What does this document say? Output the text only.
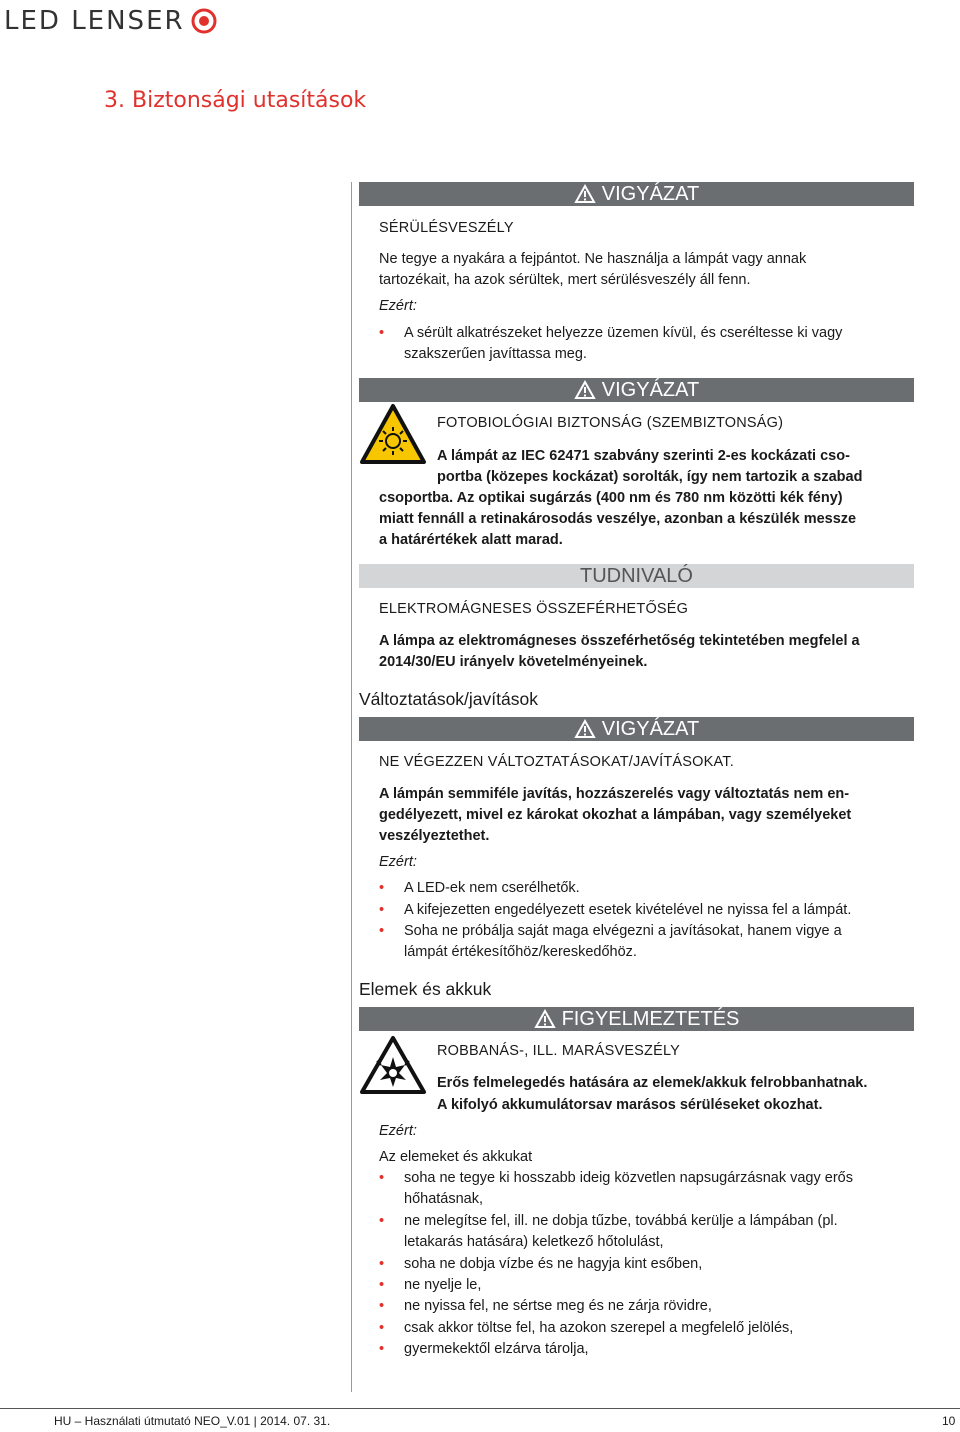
LED LENSER
3. Biztonsági utasítások
VIGYÁZAT
SÉRÜLÉSVESZÉLY
Ne tegye a nyakára a fejpántot. Ne használja a lámpát vagy annak
tartozékait, ha azok sérültek, mert sérülésveszély áll fenn.
Ezért:
• A sérült alkatrészeket helyezze üzemen kívül, és cseréltesse ki vagy
szakszerűen javíttassa meg.
VIGYÁZAT
FOTOBIOLÓGIAI BIZTONSÁG (SZEMBIZTONSÁG)
A lámpát az IEC 62471 szabvány szerinti 2-es kockázati cso-
portba (közepes kockázat) sorolták, így nem tartozik a szabad
csoportba. Az optikai sugárzás (400 nm és 780 nm közötti kék fény)
miatt fennáll a retinakárosodás veszélye, azonban a készülék messze
a határértékek alatt marad.
TUDNIVALÓ
ELEKTROMÁGNESES ÖSSZEFÉRHETŐSÉG
A lámpa az elektromágneses összeférhetőség tekintetében megfelel a
2014/30/EU irányelv követelményeinek.
Változtatások/javítások
VIGYÁZAT
NE VÉGEZZEN VÁLTOZTATÁSOKAT/JAVÍTÁSOKAT.
A lámpán semmiféle javítás, hozzászerelés vagy változtatás nem en-
gedélyezett, mivel ez károkat okozhat a lámpában, vagy személyeket
veszélyeztethet.
Ezért:
• A LED-ek nem cserélhetők.
• A kifejezetten engedélyezett esetek kivételével ne nyissa fel a lámpát.
• Soha ne próbálja saját maga elvégezni a javításokat, hanem vigye a
lámpát értékesítőhöz/kereskedőhöz.
Elemek és akkuk
FIGYELMEZTETÉS
ROBBANÁS-, ILL. MARÁSVESZÉLY
Erős felmelegedés hatására az elemek/akkuk felrobbanhatnak.
A kifolyó akkumulátorsav marásos sérüléseket okozhat.
Ezért:
Az elemeket és akkukat
• soha ne tegye ki hosszabb ideig közvetlen napsugárzásnak vagy erős
hőhatásnak,
• ne melegítse fel, ill. ne dobja tűzbe, továbbá kerülje a lámpában (pl.
letakarás hatására) keletkező hőtolulást,
• soha ne dobja vízbe és ne hagyja kint esőben,
• ne nyelje le,
• ne nyissa fel, ne sértse meg és ne zárja rövidre,
• csak akkor töltse fel, ha azokon szerepel a megfelelő jelölés,
• gyermekektől elzárva tárolja,
HU – Használati útmutató NEO_V.01 | 2014. 07. 31.	10
